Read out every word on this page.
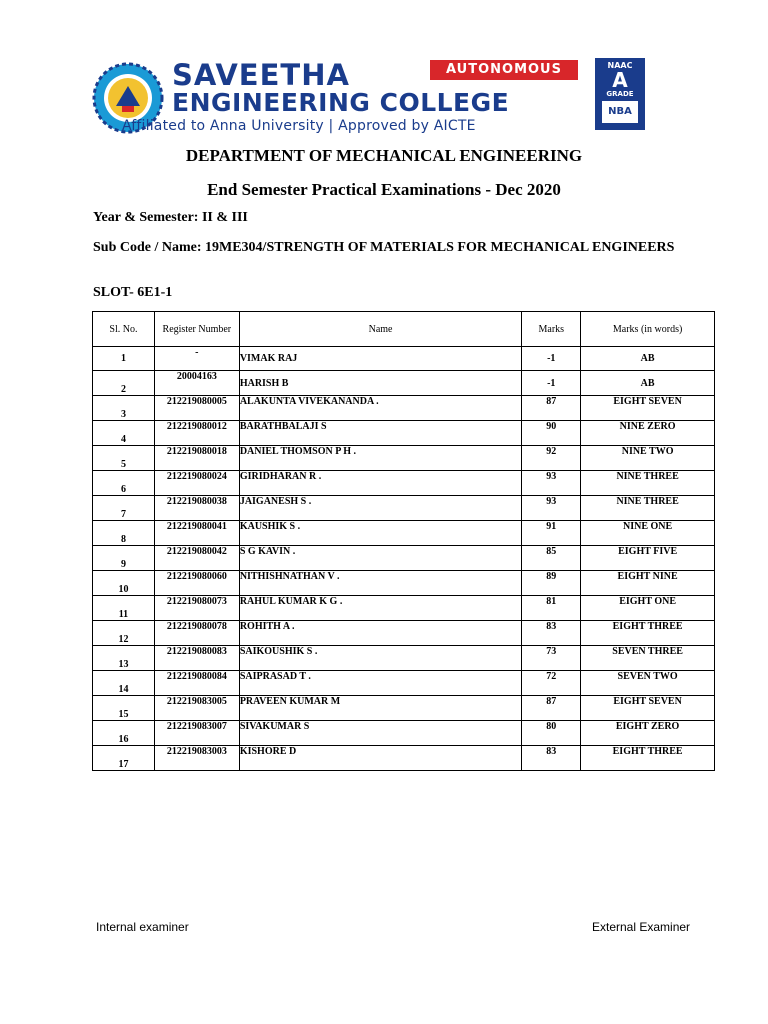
SAVEETHA
ENGINEERING COLLEGE
Affiliated to Anna University | Approved by AICTE
AUTONOMOUS	NAAC
A
GRADE
NBA
DEPARTMENT OF MECHANICAL ENGINEERING
End Semester Practical Examinations - Dec 2020
Year & Semester: II & III
Sub Code / Name: 19ME304/STRENGTH OF MATERIALS FOR MECHANICAL ENGINEERS
SLOT- 6E1-1
Sl. No.	Register Number	Name	Marks	Marks (in words)
1	-	VIMAK RAJ	-1	AB
2	20004163	HARISH B	-1	AB
3	212219080005	ALAKUNTA VIVEKANANDA .	87	EIGHT SEVEN
4	212219080012	BARATHBALAJI S	90	NINE ZERO
5	212219080018	DANIEL THOMSON P H .	92	NINE TWO
6	212219080024	GIRIDHARAN R .	93	NINE THREE
7	212219080038	JAIGANESH S .	93	NINE THREE
8	212219080041	KAUSHIK S .	91	NINE ONE
9	212219080042	S G KAVIN .	85	EIGHT FIVE
10	212219080060	NITHISHNATHAN V .	89	EIGHT NINE
11	212219080073	RAHUL KUMAR K G .	81	EIGHT ONE
12	212219080078	ROHITH A .	83	EIGHT THREE
13	212219080083	SAIKOUSHIK S .	73	SEVEN THREE
14	212219080084	SAIPRASAD T .	72	SEVEN TWO
15	212219083005	PRAVEEN KUMAR M	87	EIGHT SEVEN
16	212219083007	SIVAKUMAR S	80	EIGHT ZERO
17	212219083003	KISHORE D	83	EIGHT THREE
Internal examiner	External Examiner
